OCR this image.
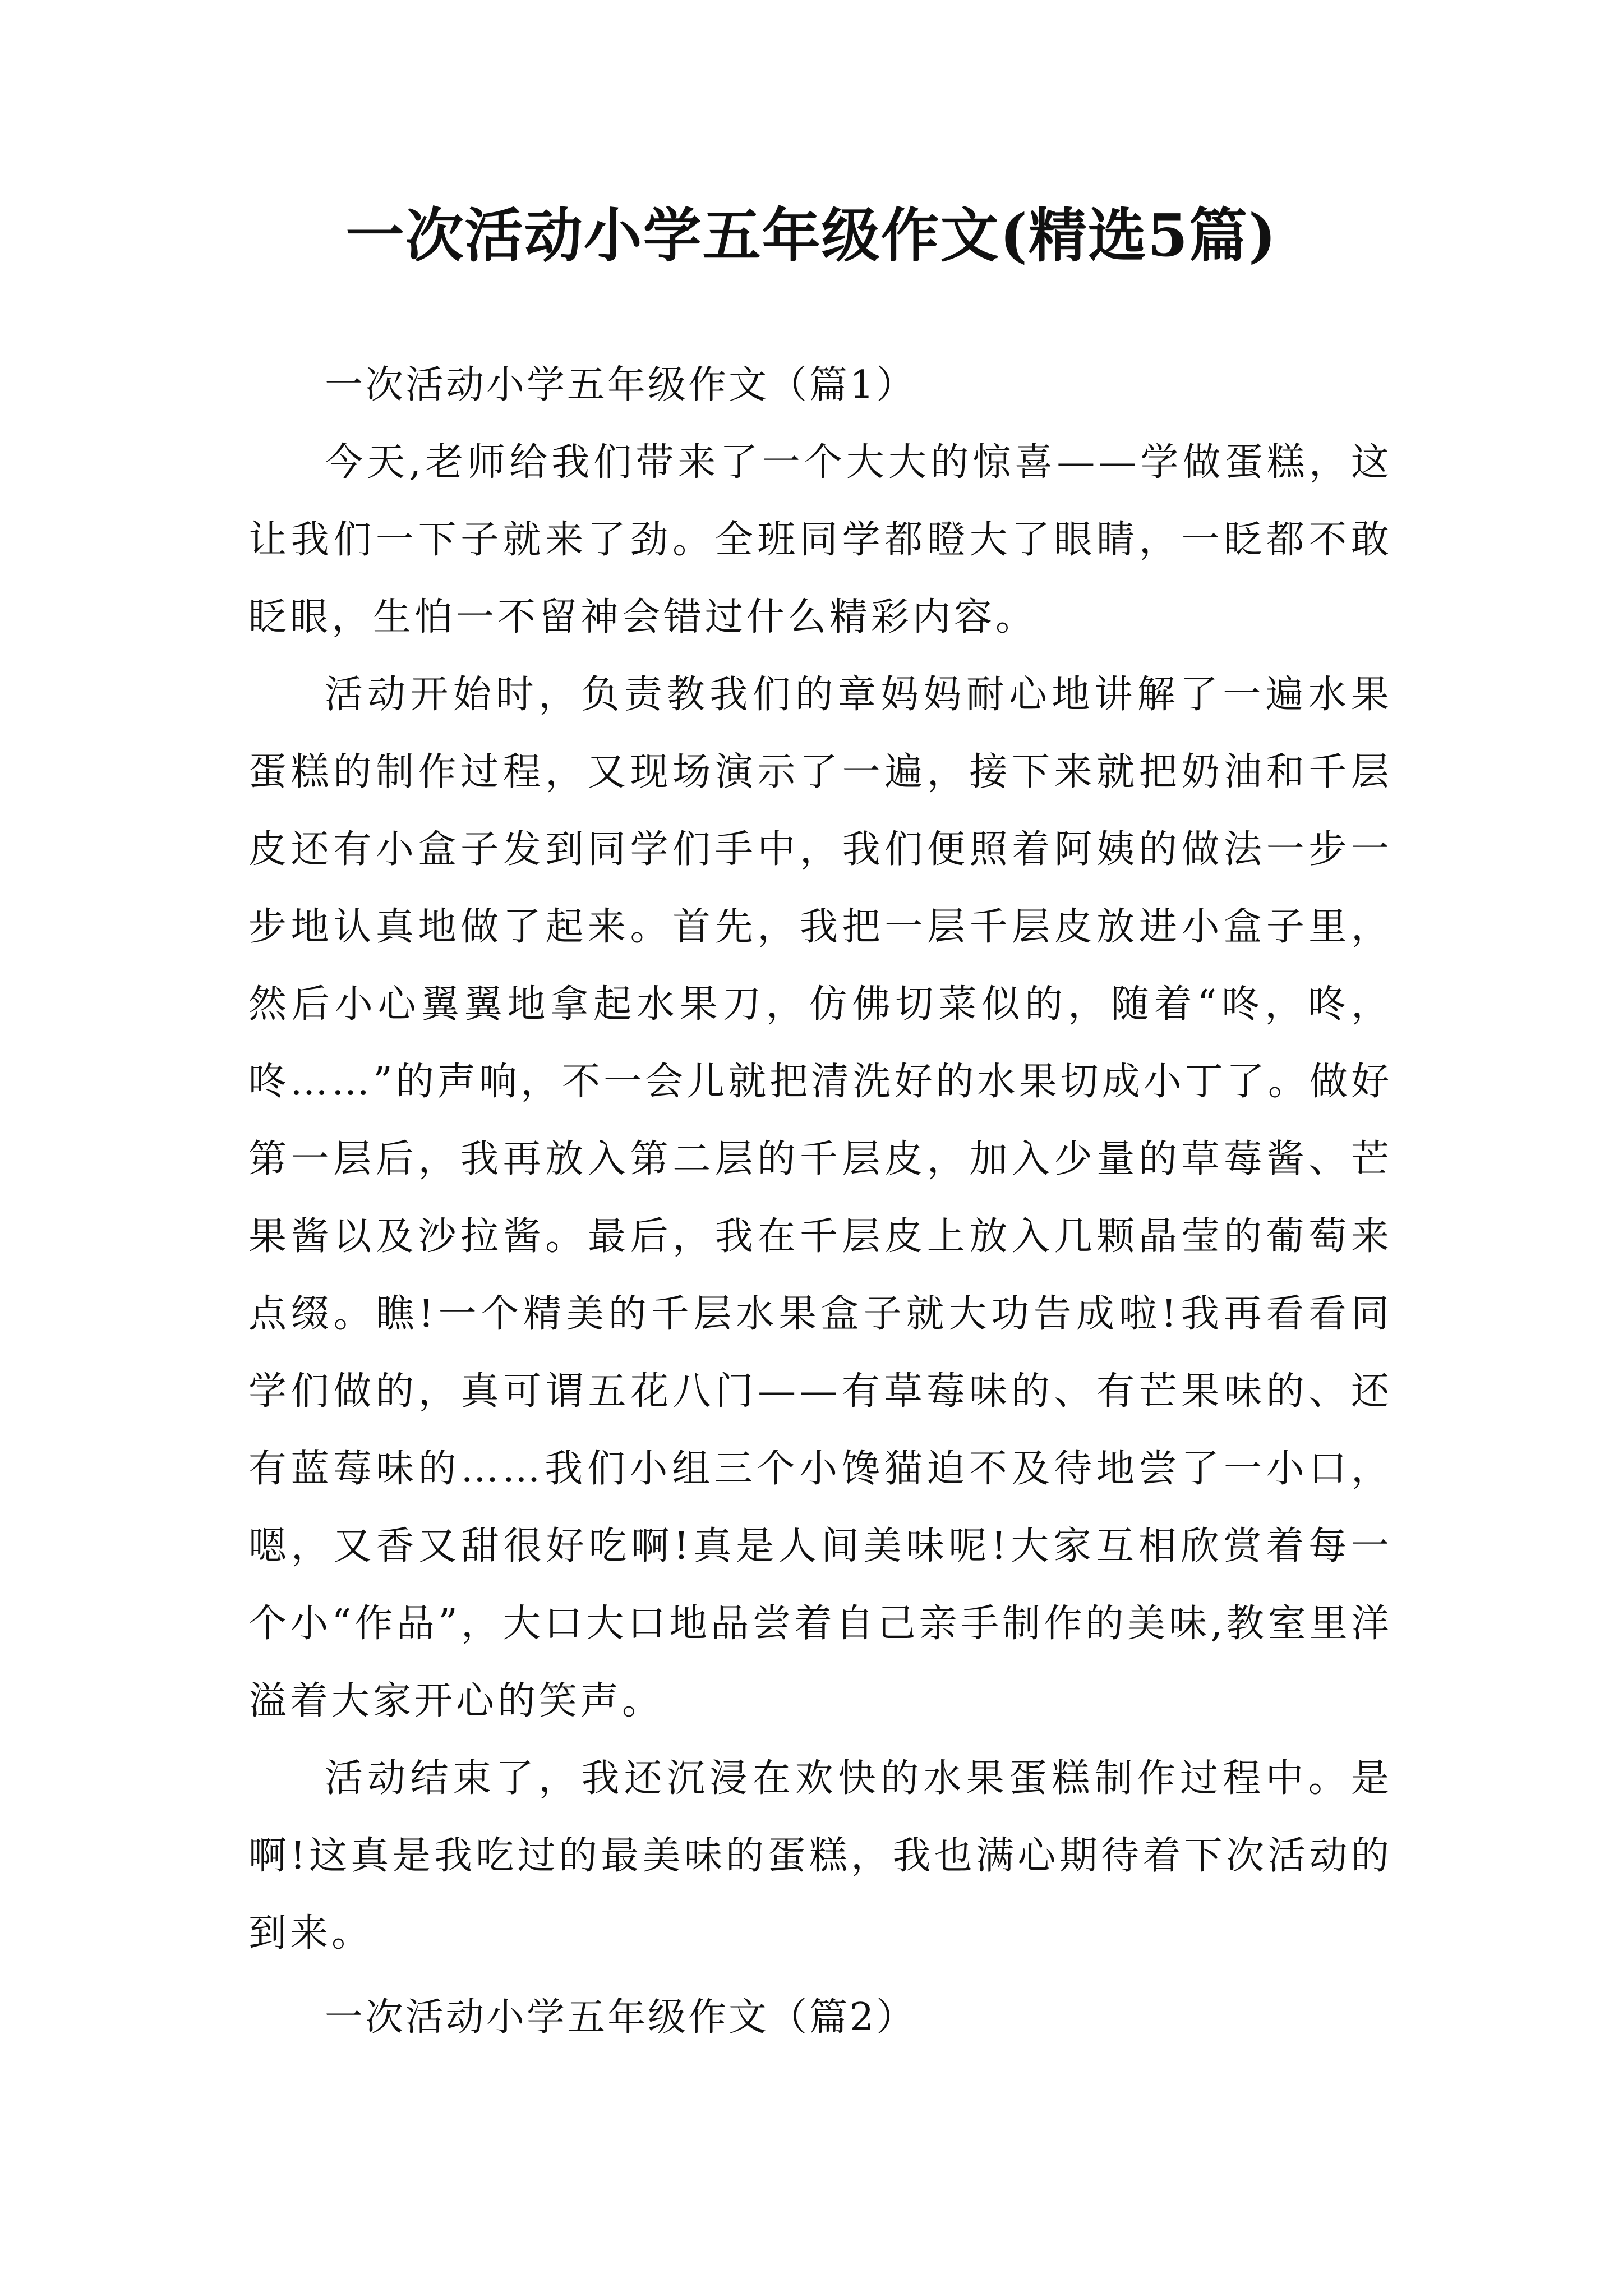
一次活动小学五年级作文(精选5篇)

一次活动小学五年级作文（篇1）

今天,老师给我们带来了一个大大的惊喜——学做蛋糕，这让我们一下子就来了劲。全班同学都瞪大了眼睛，一眨都不敢眨眼，生怕一不留神会错过什么精彩内容。

活动开始时，负责教我们的章妈妈耐心地讲解了一遍水果蛋糕的制作过程，又现场演示了一遍，接下来就把奶油和千层皮还有小盒子发到同学们手中，我们便照着阿姨的做法一步一步地认真地做了起来。首先，我把一层千层皮放进小盒子里，然后小心翼翼地拿起水果刀，仿佛切菜似的，随着“咚，咚，咚……”的声响，不一会儿就把清洗好的水果切成小丁了。做好第一层后，我再放入第二层的千层皮，加入少量的草莓酱、芒果酱以及沙拉酱。最后，我在千层皮上放入几颗晶莹的葡萄来点缀。瞧!一个精美的千层水果盒子就大功告成啦!我再看看同学们做的，真可谓五花八门——有草莓味的、有芒果味的、还有蓝莓味的……我们小组三个小馋猫迫不及待地尝了一小口，嗯，又香又甜很好吃啊!真是人间美味呢!大家互相欣赏着每一个小“作品”，大口大口地品尝着自己亲手制作的美味,教室里洋溢着大家开心的笑声。

活动结束了，我还沉浸在欢快的水果蛋糕制作过程中。是啊!这真是我吃过的最美味的蛋糕，我也满心期待着下次活动的到来。

一次活动小学五年级作文（篇2）
